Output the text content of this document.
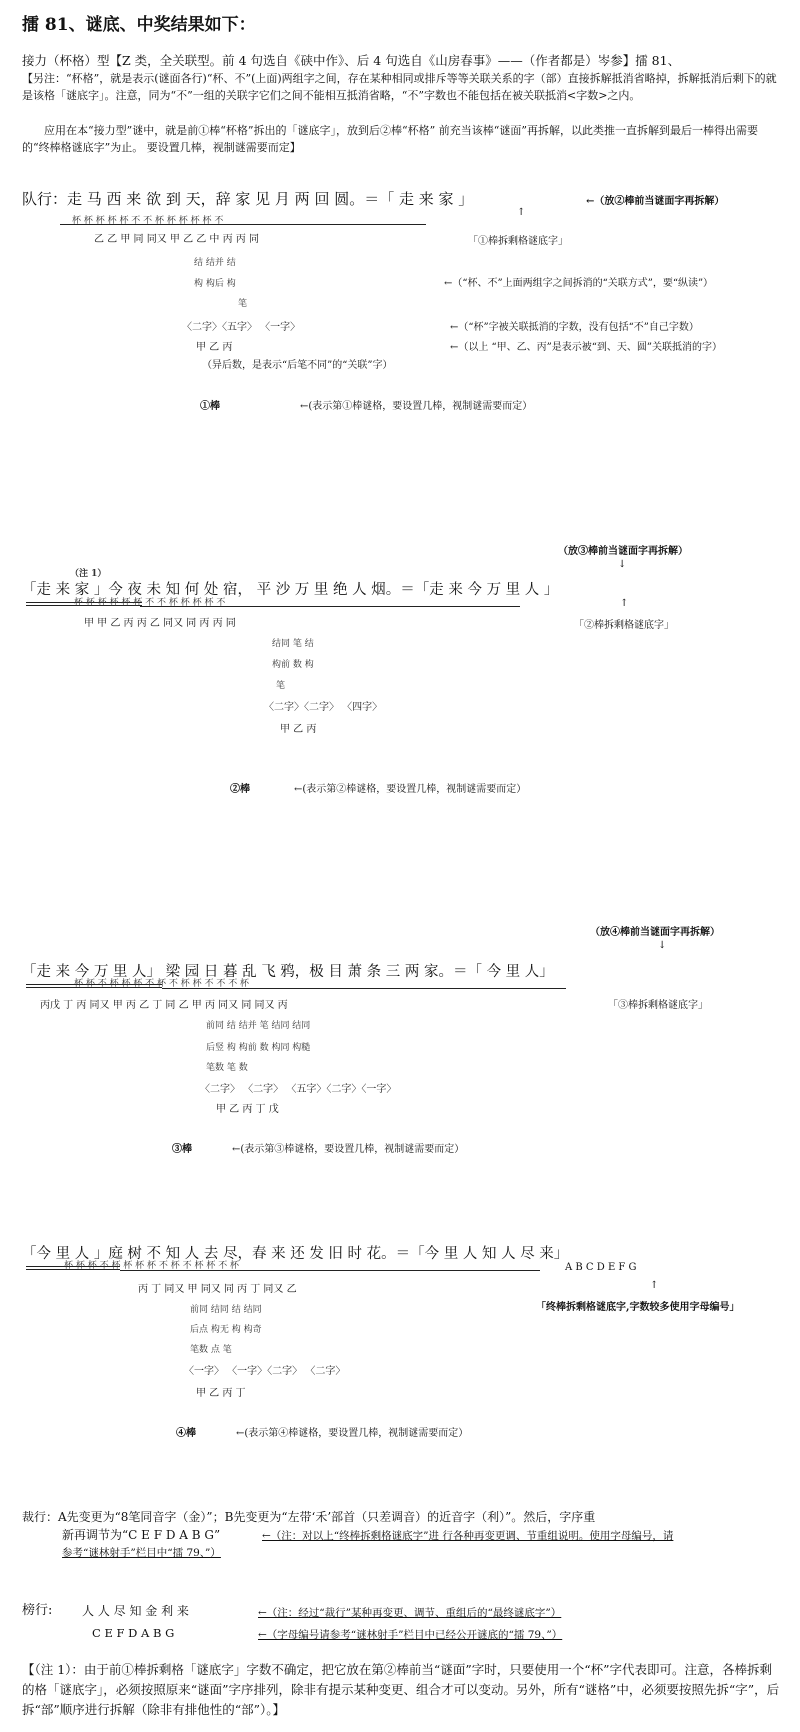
擂 81、谜底、中奖结果如下：
接力（杯格）型【Z 类，全关联型。前 4 句选自《硖中作》、后 4 句选自《山房春事》——（作者都是）岑参】擂 81、
【另注：“杯格”，就是表示(谜面各行)“杯、不”(上面)两组字之间，存在某种相同或排斥等等关联关系的字（部）直接拆解抵消省略掉，拆解抵消后剩下的就是该格「谜底字」。注意，同为“不”一组的关联字它们之间不能相互抵消省略，“不”字数也不能包括在被关联抵消<字数>之内。
应用在本“接力型”谜中，就是前①棒“杯格”拆出的「谜底字」，放到后②棒“杯格” 前充当该棒“谜面”再拆解，以此类推一直拆解到最后一棒得出需要的“终棒格谜底字”为止。 要设置几棒，视制谜需要而定】
队行：走 马 西 来 欲 到 天，辞 家 见 月 两 回 圆。＝「 走 来 家 」	←（放②棒前当谜面字再拆解）
↑
杯 杯 杯 杯 杯 不 不 杯 杯 杯 杯 杯 不
乙 乙 甲 同 同又 甲 乙 乙 中 丙 丙 同	「①棒拆剩格谜底字」
结 结并 结
构 构后 构	←（“杯、不”上面两组字之间拆消的“关联方式”，要“纵读”）
笔
〈二字〉〈五字〉 〈一字〉	←（“杯”字被关联抵消的字数，没有包括“不”自己字数）
甲 乙 丙	←（以上 “甲、乙、丙”是表示被“到、天、圆”关联抵消的字）
（异后数，是表示“后笔不同”的“关联”字）
①棒	←(表示第①棒谜格，要设置几棒，视制谜需要而定）
（放③棒前当谜面字再拆解）
↓
（注 1）
「走 来 家 」今 夜 未 知 何 处 宿， 平 沙 万 里 绝 人 烟。＝「走 来 今 万 里 人 」
杯 杯 杯 杯 杯 杯 不 不 杯 杯 杯 杯 不	↑
甲 甲 乙 丙 丙 乙 同又 同 丙 丙 同	「②棒拆剩格谜底字」
结同 笔 结
构前 数 构
笔
〈二字〉〈二字〉 〈四字〉
甲 乙 丙
②棒	←(表示第②棒谜格，要设置几棒，视制谜需要而定）
（放④棒前当谜面字再拆解）
↓
「走 来 今 万 里 人」 梁 园 日 暮 乱 飞 鸦，极 目 萧 条 三 两 家。＝「 今 里 人」
杯 杯 不 杯 杯 杯 不 杯 不 杯 杯 不 不 不 杯
丙戊 丁 丙 同又 甲 丙 乙 丁 同 乙 甲 丙 同又 同 同又 丙	「③棒拆剩格谜底字」
前同 结 结并 笔 结同 结同
后竖 构 构前 数 构同 构糙
笔数 笔 数
〈二字〉 〈二字〉 〈五字〉〈二字〉〈一字〉
甲 乙 丙 丁 戊
③棒	←(表示第③棒谜格，要设置几棒，视制谜需要而定）
「今 里 人 」庭 树 不 知 人 去 尽，春 来 还 发 旧 时 花。＝「今 里 人 知 人 尽 来」
杯 杯 杯 不 杯 杯 杯 杯 不 杯 不 杯 杯 不 杯	A B C D E F G
丙 丁 同又 甲 同又 同 丙 丁 同又 乙	↑
「终棒拆剩格谜底字,字数较多使用字母编号」
前同 结同 结 结同
后点 构无 构 构奇
笔数 点 笔
〈一字〉 〈一字〉〈二字〉 〈二字〉
甲 乙 丙 丁
④棒	←(表示第④棒谜格，要设置几棒，视制谜需要而定）
裁行：A先变更为“8笔同音字（金）”；B先变更为“左带‘禾’部首（只差调音）的近音字（利）”。然后，字序重
新再调节为“C E F D A B G”	←（注：对以上“终棒拆剩格谜底字”进 行各种再变更调、节重组说明。使用字母编号，请
参考“谜林射手”栏目中“擂 79、”）
榜行: 人 人 尽 知 金 利 来	←（注：经过“裁行”某种再变更、调节、重组后的“最终谜底字”）
C E F D A B G	←（字母编号请参考“谜林射手”栏目中已经公开谜底的“擂 79、”）
【（注 1）：由于前①棒拆剩格「谜底字」字数不确定，把它放在第②棒前当“谜面”字时，只要使用一个“杯”字代表即可。注意，各棒拆剩的格「谜底字」，必须按照原来“谜面”字序排列，除非有提示某种变更、组合才可以变动。另外，所有“谜格”中，必须要按照先拆“字”，后拆“部”顺序进行拆解（除非有排他性的“部”）。】
